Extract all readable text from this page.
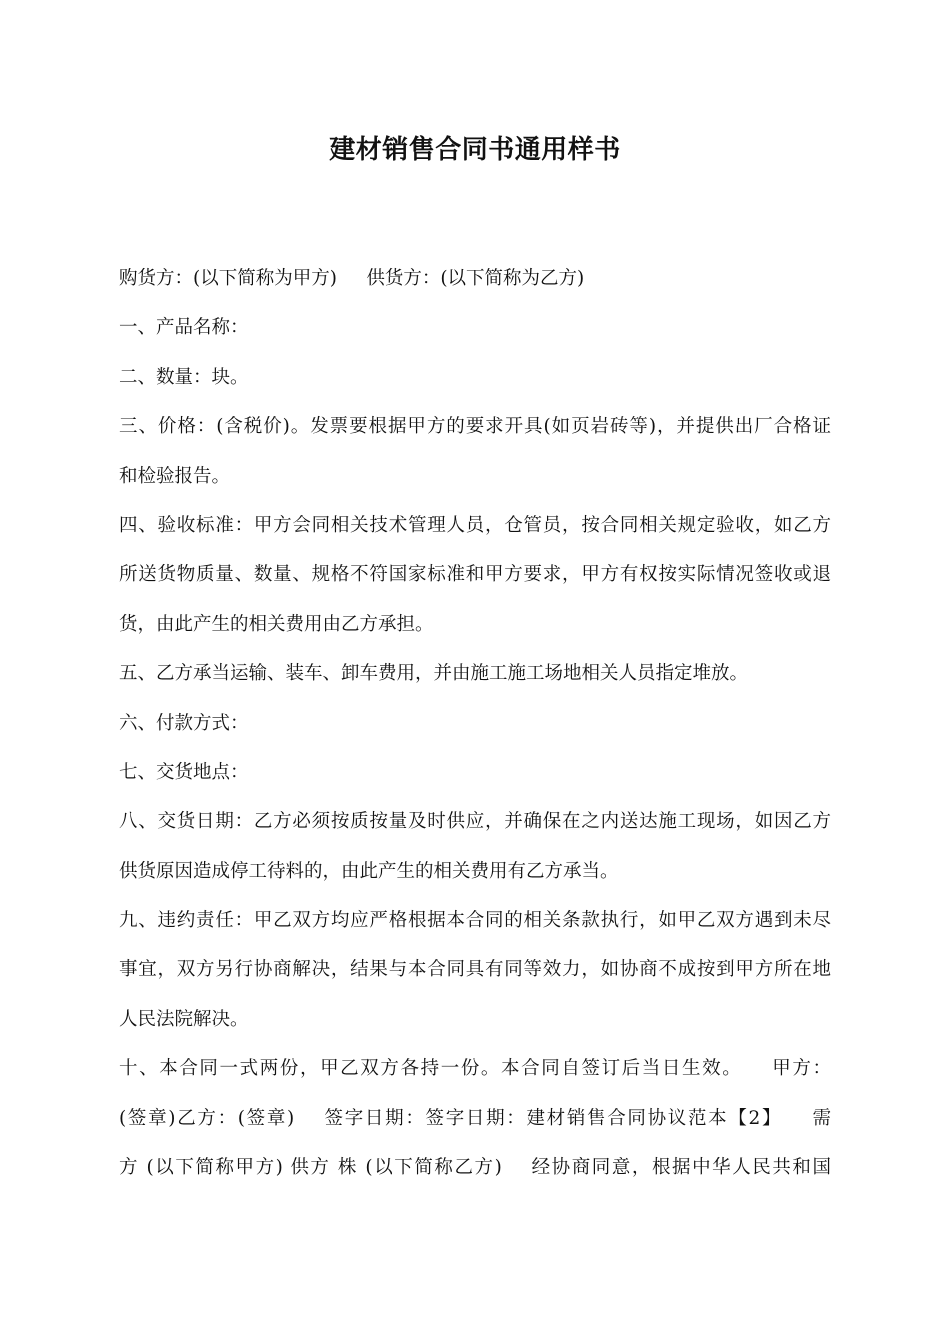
建材销售合同书通用样书
购货方：(以下简称为甲方)     供货方：(以下简称为乙方)
一、产品名称：
二、数量：块。
三、价格：(含税价)。发票要根据甲方的要求开具(如页岩砖等)，并提供出厂合格证
和检验报告。
四、验收标准：甲方会同相关技术管理人员，仓管员，按合同相关规定验收，如乙方
所送货物质量、数量、规格不符国家标准和甲方要求，甲方有权按实际情况签收或退
货，由此产生的相关费用由乙方承担。
五、乙方承当运输、装车、卸车费用，并由施工施工场地相关人员指定堆放。
六、付款方式：
七、交货地点：
八、交货日期：乙方必须按质按量及时供应，并确保在之内送达施工现场，如因乙方
供货原因造成停工待料的，由此产生的相关费用有乙方承当。
九、违约责任：甲乙双方均应严格根据本合同的相关条款执行，如甲乙双方遇到未尽
事宜，双方另行协商解决，结果与本合同具有同等效力，如协商不成按到甲方所在地
人民法院解决。
十、本合同一式两份，甲乙双方各持一份。本合同自签订后当日生效。    甲方：
(签章)乙方：(签章)    签字日期：签字日期：建材销售合同协议范本【2】    需
方 (以下简称甲方) 供方 株 (以下简称乙方)    经协商同意，根据中华人民共和国
